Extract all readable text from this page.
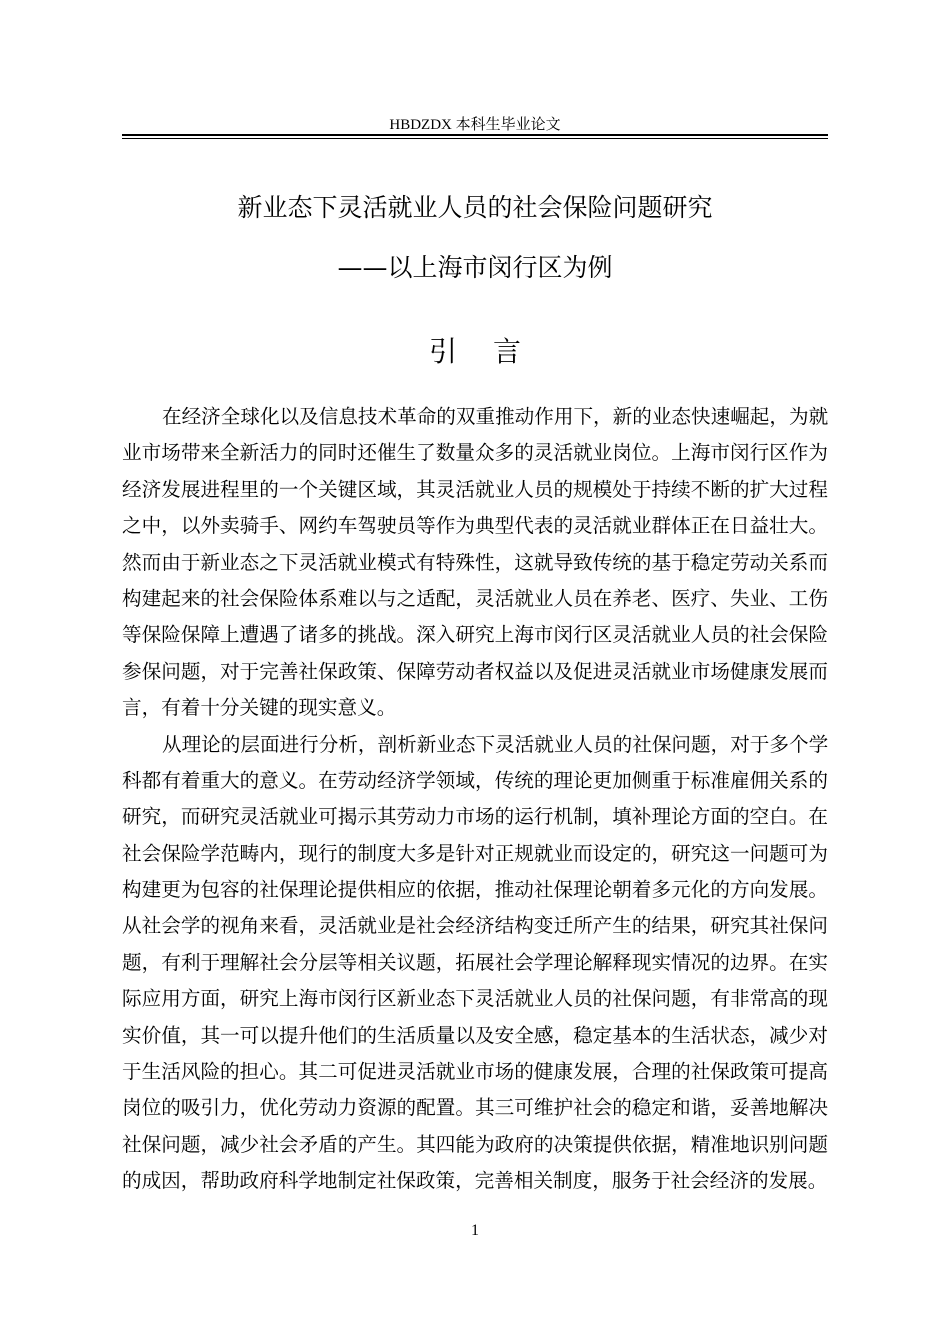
HBDZDX 本科生毕业论文
新业态下灵活就业人员的社会保险问题研究
——以上海市闵行区为例
引言
在经济全球化以及信息技术革命的双重推动作用下，新的业态快速崛起，为就
业市场带来全新活力的同时还催生了数量众多的灵活就业岗位。上海市闵行区作为
经济发展进程里的一个关键区域，其灵活就业人员的规模处于持续不断的扩大过程
之中，以外卖骑手、网约车驾驶员等作为典型代表的灵活就业群体正在日益壮大。
然而由于新业态之下灵活就业模式有特殊性，这就导致传统的基于稳定劳动关系而
构建起来的社会保险体系难以与之适配，灵活就业人员在养老、医疗、失业、工伤
等保险保障上遭遇了诸多的挑战。深入研究上海市闵行区灵活就业人员的社会保险
参保问题，对于完善社保政策、保障劳动者权益以及促进灵活就业市场健康发展而
言，有着十分关键的现实意义。
从理论的层面进行分析，剖析新业态下灵活就业人员的社保问题，对于多个学
科都有着重大的意义。在劳动经济学领域，传统的理论更加侧重于标准雇佣关系的
研究，而研究灵活就业可揭示其劳动力市场的运行机制，填补理论方面的空白。在
社会保险学范畴内，现行的制度大多是针对正规就业而设定的，研究这一问题可为
构建更为包容的社保理论提供相应的依据，推动社保理论朝着多元化的方向发展。
从社会学的视角来看，灵活就业是社会经济结构变迁所产生的结果，研究其社保问
题，有利于理解社会分层等相关议题，拓展社会学理论解释现实情况的边界。在实
际应用方面，研究上海市闵行区新业态下灵活就业人员的社保问题，有非常高的现
实价值，其一可以提升他们的生活质量以及安全感，稳定基本的生活状态，减少对
于生活风险的担心。其二可促进灵活就业市场的健康发展，合理的社保政策可提高
岗位的吸引力，优化劳动力资源的配置。其三可维护社会的稳定和谐，妥善地解决
社保问题，减少社会矛盾的产生。其四能为政府的决策提供依据，精准地识别问题
的成因，帮助政府科学地制定社保政策，完善相关制度，服务于社会经济的发展。
1
